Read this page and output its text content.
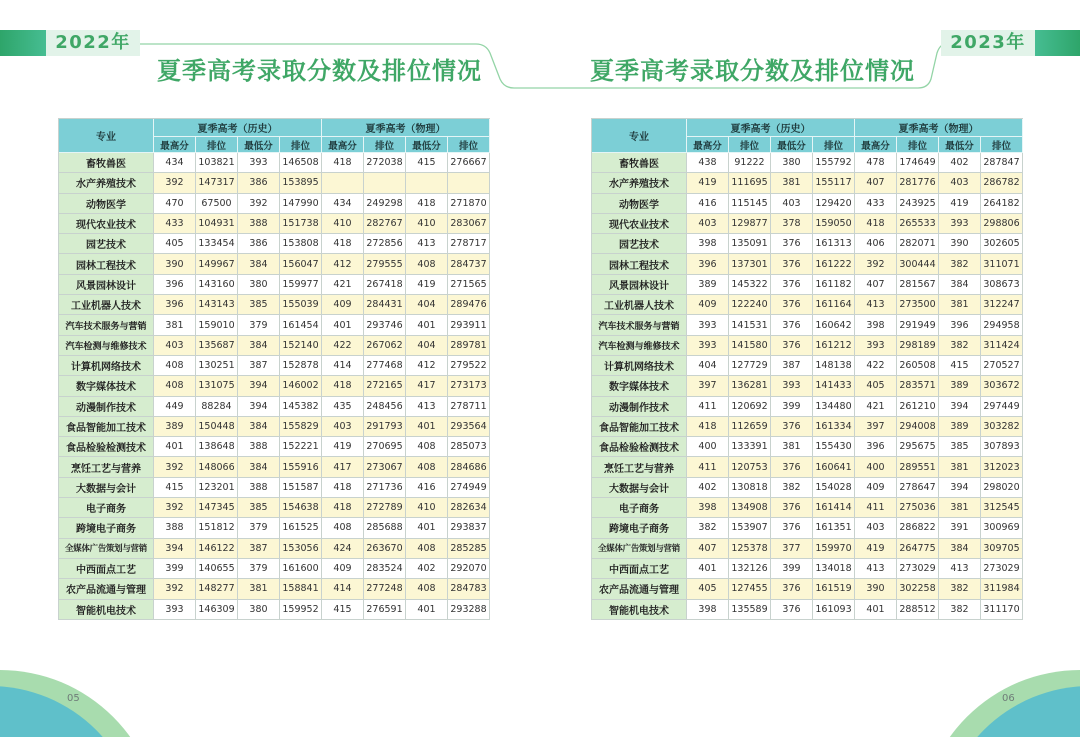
2022年
夏季高考录取分数及排位情况
专业
夏季高考（历史）	夏季高考（物理）
最高分	排位	最低分	排位	最高分	排位	最低分	排位
畜牧兽医	434	103821	393	146508	418	272038	415	276667
水产养殖技术	392	147317	386	153895
动物医学	470	67500	392	147990	434	249298	418	271870
现代农业技术	433	104931	388	151738	410	282767	410	283067
园艺技术	405	133454	386	153808	418	272856	413	278717
园林工程技术	390	149967	384	156047	412	279555	408	284737
风景园林设计	396	143160	380	159977	421	267418	419	271565
工业机器人技术	396	143143	385	155039	409	284431	404	289476
汽车技术服务与营销	381	159010	379	161454	401	293746	401	293911
汽车检测与维修技术	403	135687	384	152140	422	267062	404	289781
计算机网络技术	408	130251	387	152878	414	277468	412	279522
数字媒体技术	408	131075	394	146002	418	272165	417	273173
动漫制作技术	449	88284	394	145382	435	248456	413	278711
食品智能加工技术	389	150448	384	155829	403	291793	401	293564
食品检验检测技术	401	138648	388	152221	419	270695	408	285073
烹饪工艺与营养	392	148066	384	155916	417	273067	408	284686
大数据与会计	415	123201	388	151587	418	271736	416	274949
电子商务	392	147345	385	154638	418	272789	410	282634
跨境电子商务	388	151812	379	161525	408	285688	401	293837
全媒体广告策划与营销	394	146122	387	153056	424	263670	408	285285
中西面点工艺	399	140655	379	161600	409	283524	402	292070
农产品流通与管理	392	148277	381	158841	414	277248	408	284783
智能机电技术	393	146309	380	159952	415	276591	401	293288
05
2023年
夏季高考录取分数及排位情况
专业
夏季高考（历史）	夏季高考（物理）
最高分	排位	最低分	排位	最高分	排位	最低分	排位
畜牧兽医	438	91222	380	155792	478	174649	402	287847
水产养殖技术	419	111695	381	155117	407	281776	403	286782
动物医学	416	115145	403	129420	433	243925	419	264182
现代农业技术	403	129877	378	159050	418	265533	393	298806
园艺技术	398	135091	376	161313	406	282071	390	302605
园林工程技术	396	137301	376	161222	392	300444	382	311071
风景园林设计	389	145322	376	161182	407	281567	384	308673
工业机器人技术	409	122240	376	161164	413	273500	381	312247
汽车技术服务与营销	393	141531	376	160642	398	291949	396	294958
汽车检测与维修技术	393	141580	376	161212	393	298189	382	311424
计算机网络技术	404	127729	387	148138	422	260508	415	270527
数字媒体技术	397	136281	393	141433	405	283571	389	303672
动漫制作技术	411	120692	399	134480	421	261210	394	297449
食品智能加工技术	418	112659	376	161334	397	294008	389	303282
食品检验检测技术	400	133391	381	155430	396	295675	385	307893
烹饪工艺与营养	411	120753	376	160641	400	289551	381	312023
大数据与会计	402	130818	382	154028	409	278647	394	298020
电子商务	398	134908	376	161414	411	275036	381	312545
跨境电子商务	382	153907	376	161351	403	286822	391	300969
全媒体广告策划与营销	407	125378	377	159970	419	264775	384	309705
中西面点工艺	401	132126	399	134018	413	273029	413	273029
农产品流通与管理	405	127455	376	161519	390	302258	382	311984
智能机电技术	398	135589	376	161093	401	288512	382	311170
06
